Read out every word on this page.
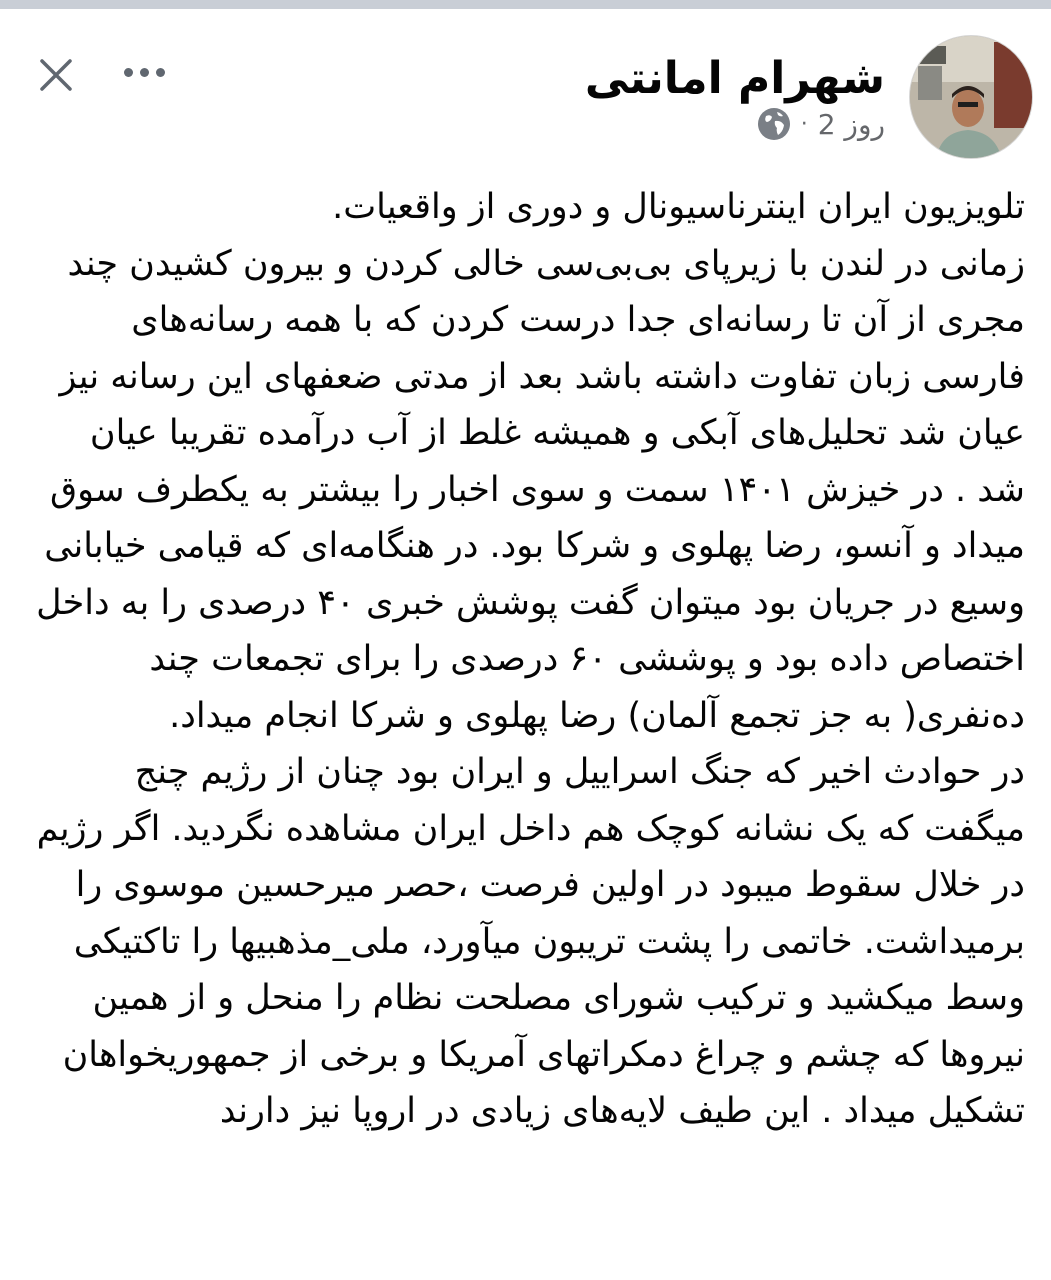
شهرام امانتی
2 روز
·

تلویزیون ایران اینترناسیونال و دوری از واقعیات.

زمانی در لندن با زیرپای بی‌بی‌سی خالی کردن و بیرون کشیدن چند مجری از آن تا رسانه‌ای جدا درست کردن که با همه رسانه‌های فارسی زبان تفاوت داشته باشد بعد از مدتی ضعفهای این رسانه نیز عیان شد تحلیل‌های آبکی و همیشه غلط از آب درآمده تقریبا عیان شد . در خیزش ۱۴۰۱ سمت و سوی اخبار را بیشتر به یکطرف سوق میداد و آنسو، رضا پهلوی و شرکا بود. در هنگامه‌ای که قیامی خیابانی وسیع در جریان بود میتوان گفت پوشش خبری ۴۰ درصدی را به داخل اختصاص داده بود و پوششی ۶۰ درصدی را برای تجمعات چند ده‌نفری( به جز تجمع آلمان) رضا پهلوی و شرکا انجام میداد.

در حوادث اخیر که جنگ اسراییل و ایران بود چنان از رژیم چنج میگفت که یک نشانه کوچک هم داخل ایران مشاهده نگردید. اگر رژیم در خلال سقوط میبود در اولین فرصت ،حصر میرحسین موسوی را برمیداشت. خاتمی را پشت تریبون میآورد، ملی_مذهبیها را تاکتیکی وسط میکشید و ترکیب شورای مصلحت نظام را منحل و از همین نیروها که چشم و چراغ دمکراتهای آمریکا و برخی از جمهوریخواهان تشکیل میداد . این طیف لایه‌های زیادی در اروپا نیز دارند
